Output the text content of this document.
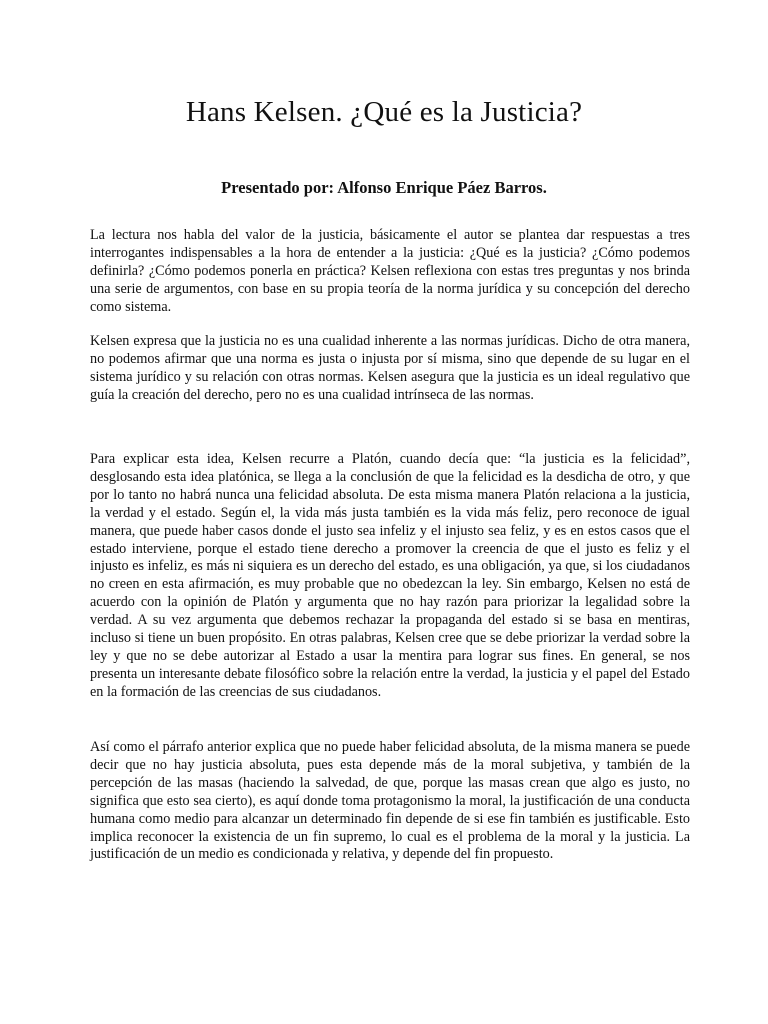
Hans Kelsen. ¿Qué es la Justicia?

Presentado por: Alfonso Enrique Páez Barros.

La lectura nos habla del valor de la justicia, básicamente el autor se plantea dar respuestas a tres interrogantes indispensables a la hora de entender a la justicia: ¿Qué es la justicia? ¿Cómo podemos definirla? ¿Cómo podemos ponerla en práctica? Kelsen reflexiona con estas tres preguntas y nos brinda una serie de argumentos, con base en su propia teoría de la norma jurídica y su concepción del derecho como sistema.

Kelsen expresa que la justicia no es una cualidad inherente a las normas jurídicas. Dicho de otra manera, no podemos afirmar que una norma es justa o injusta por sí misma, sino que depende de su lugar en el sistema jurídico y su relación con otras normas. Kelsen asegura que la justicia es un ideal regulativo que guía la creación del derecho, pero no es una cualidad intrínseca de las normas.

Para explicar esta idea, Kelsen recurre a Platón, cuando decía que: “la justicia es la felicidad”, desglosando esta idea platónica, se llega a la conclusión de que la felicidad es la desdicha de otro, y que por lo tanto no habrá nunca una felicidad absoluta. De esta misma manera Platón relaciona a la justicia, la verdad y el estado. Según el, la vida más justa también es la vida más feliz, pero reconoce de igual manera, que puede haber casos donde el justo sea infeliz y el injusto sea feliz, y es en estos casos que el estado interviene, porque el estado tiene derecho a promover la creencia de que el justo es feliz y el injusto es infeliz, es más ni siquiera es un derecho del estado, es una obligación, ya que, si los ciudadanos no creen en esta afirmación, es muy probable que no obedezcan la ley. Sin embargo, Kelsen no está de acuerdo con la opinión de Platón y argumenta que no hay razón para priorizar la legalidad sobre la verdad. A su vez argumenta que debemos rechazar la propaganda del estado si se basa en mentiras, incluso si tiene un buen propósito. En otras palabras, Kelsen cree que se debe priorizar la verdad sobre la ley y que no se debe autorizar al Estado a usar la mentira para lograr sus fines. En general, se nos presenta un interesante debate filosófico sobre la relación entre la verdad, la justicia y el papel del Estado en la formación de las creencias de sus ciudadanos.

Así como el párrafo anterior explica que no puede haber felicidad absoluta, de la misma manera se puede decir que no hay justicia absoluta, pues esta depende más de la moral subjetiva, y también de la percepción de las masas (haciendo la salvedad, de que, porque las masas crean que algo es justo, no significa que esto sea cierto), es aquí donde toma protagonismo la moral, la justificación de una conducta humana como medio para alcanzar un determinado fin depende de si ese fin también es justificable. Esto implica reconocer la existencia de un fin supremo, lo cual es el problema de la moral y la justicia. La justificación de un medio es condicionada y relativa, y depende del fin propuesto.
